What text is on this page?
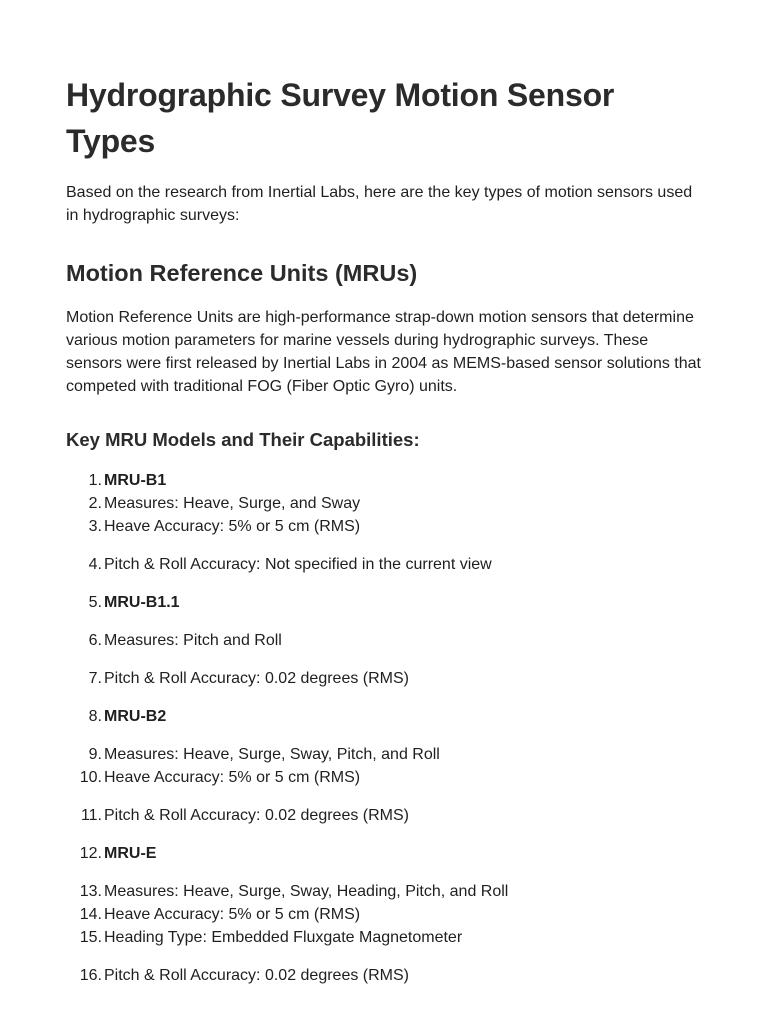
Hydrographic Survey Motion Sensor Types

Based on the research from Inertial Labs, here are the key types of motion sensors used in hydrographic surveys:

Motion Reference Units (MRUs)

Motion Reference Units are high-performance strap-down motion sensors that determine various motion parameters for marine vessels during hydrographic surveys. These sensors were first released by Inertial Labs in 2004 as MEMS-based sensor solutions that competed with traditional FOG (Fiber Optic Gyro) units.

Key MRU Models and Their Capabilities:
1. MRU-B1
2. Measures: Heave, Surge, and Sway
3. Heave Accuracy: 5% or 5 cm (RMS)
4. Pitch & Roll Accuracy: Not specified in the current view
5. MRU-B1.1
6. Measures: Pitch and Roll
7. Pitch & Roll Accuracy: 0.02 degrees (RMS)
8. MRU-B2
9. Measures: Heave, Surge, Sway, Pitch, and Roll
10. Heave Accuracy: 5% or 5 cm (RMS)
11. Pitch & Roll Accuracy: 0.02 degrees (RMS)
12. MRU-E
13. Measures: Heave, Surge, Sway, Heading, Pitch, and Roll
14. Heave Accuracy: 5% or 5 cm (RMS)
15. Heading Type: Embedded Fluxgate Magnetometer
16. Pitch & Roll Accuracy: 0.02 degrees (RMS)
